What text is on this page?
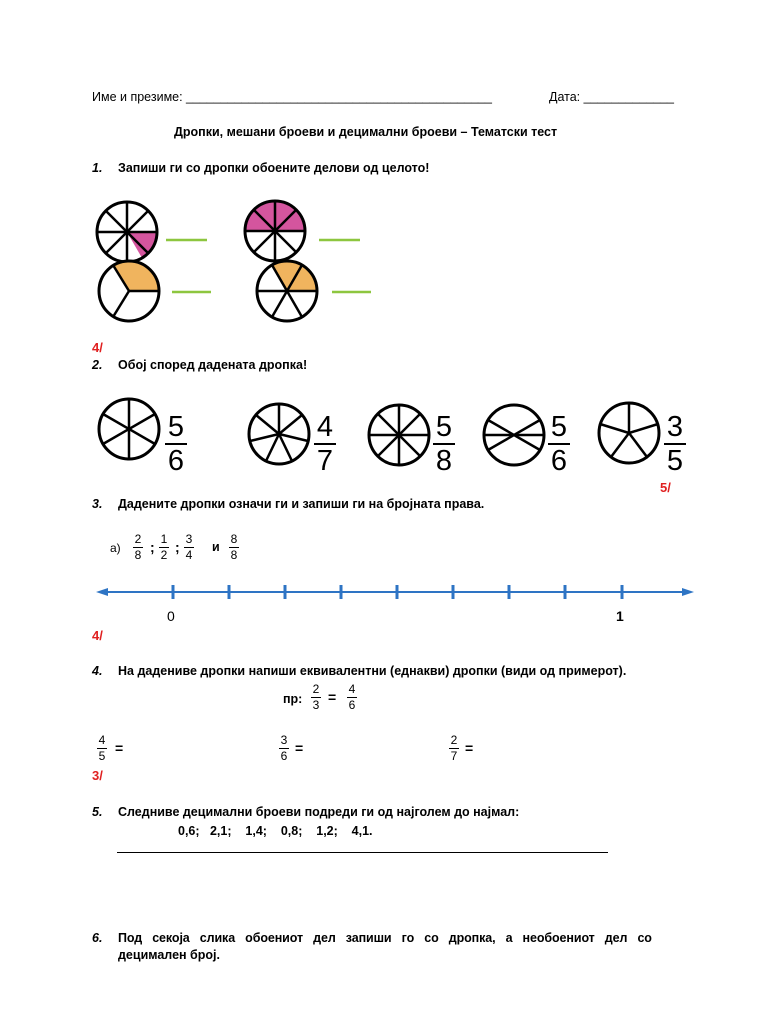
Име и презиме: ____________________________________________	Дата: _____________
Дропки, мешани броеви и децимални броеви – Тематски тест
1. Запиши ги со дропки обоените делови од целото!
4/
2. Обој според дадената дропка!
5
6
4
7
5
8
5
6
3
5
5/
3. Дадените дропки означи ги и запиши ги на бројната права.
а)
2
8 ; 1
2 ; 3
4
и
8
8
0	1
4/
4. На дадениве дропки напиши еквивалентни (еднакви) дропки (види од примерот).
пр:
2
3 = 4
6
4
5 =	3
6 =	2
7 =
3/
5. Следниве децимални броеви подреди ги од најголем до најмал:
0,6;   2,1;    1,4;    0,8;    1,2;    4,1.
6. Под   секоја   слика   обоениот   дел   запиши   го   со   дропка,   а   необоениот   дел   со
децимален број.
